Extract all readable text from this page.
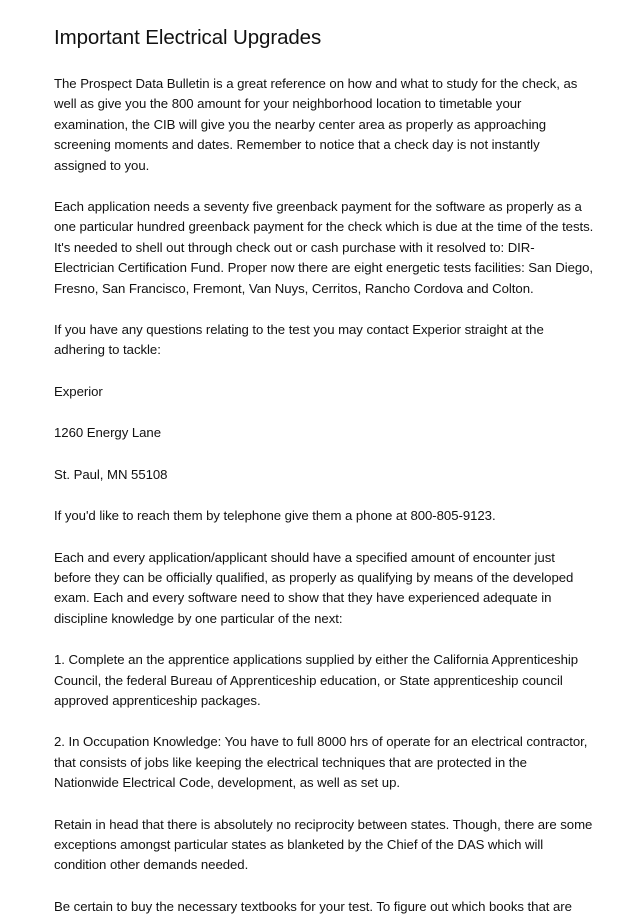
Important Electrical Upgrades

The Prospect Data Bulletin is a great reference on how and what to study for the check, as well as give you the 800 amount for your neighborhood location to timetable your examination, the CIB will give you the nearby center area as properly as approaching screening moments and dates. Remember to notice that a check day is not instantly assigned to you.

Each application needs a seventy five greenback payment for the software as properly as a one particular hundred greenback payment for the check which is due at the time of the tests. It's needed to shell out through check out or cash purchase with it resolved to: DIR-Electrician Certification Fund. Proper now there are eight energetic tests facilities: San Diego, Fresno, San Francisco, Fremont, Van Nuys, Cerritos, Rancho Cordova and Colton.

If you have any questions relating to the test you may contact Experior straight at the adhering to tackle:

Experior

1260 Energy Lane

St. Paul, MN 55108

If you'd like to reach them by telephone give them a phone at 800-805-9123.

Each and every application/applicant should have a specified amount of encounter just before they can be officially qualified, as properly as qualifying by means of the developed exam. Each and every software need to show that they have experienced adequate in discipline knowledge by one particular of the next:

1. Complete an the apprentice applications supplied by either the California Apprenticeship Council, the federal Bureau of Apprenticeship education, or State apprenticeship council approved apprenticeship packages.

2. In Occupation Knowledge: You have to full 8000 hrs of operate for an electrical contractor, that consists of jobs like keeping the electrical techniques that are protected in the Nationwide Electrical Code, development, as well as set up.

Retain in head that there is absolutely no reciprocity between states. Though, there are some exceptions amongst particular states as blanketed by the Chief of the DAS which will condition other demands needed.

Be certain to buy the necessary textbooks for your test. To figure out which books that are
